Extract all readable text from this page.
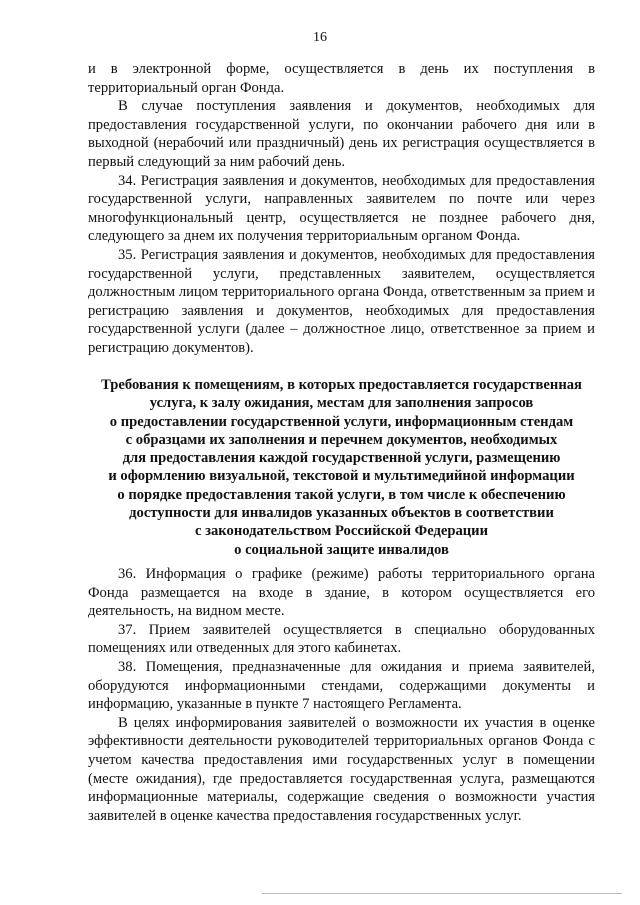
16

и в электронной форме, осуществляется в день их поступления в территориальный орган Фонда.

В случае поступления заявления и документов, необходимых для предоставления государственной услуги, по окончании рабочего дня или в выходной (нерабочий или праздничный) день их регистрация осуществляется в первый следующий за ним рабочий день.

34. Регистрация заявления и документов, необходимых для предоставления государственной услуги, направленных заявителем по почте или через многофункциональный центр, осуществляется не позднее рабочего дня, следующего за днем их получения территориальным органом Фонда.

35. Регистрация заявления и документов, необходимых для предоставления государственной услуги, представленных заявителем, осуществляется должностным лицом территориального органа Фонда, ответственным за прием и регистрацию заявления и документов, необходимых для предоставления государственной услуги (далее – должностное лицо, ответственное за прием и регистрацию документов).

Требования к помещениям, в которых предоставляется государственная
услуга, к залу ожидания, местам для заполнения запросов
о предоставлении государственной услуги, информационным стендам
с образцами их заполнения и перечнем документов, необходимых
для предоставления каждой государственной услуги, размещению
и оформлению визуальной, текстовой и мультимедийной информации
о порядке предоставления такой услуги, в том числе к обеспечению
доступности для инвалидов указанных объектов в соответствии
с законодательством Российской Федерации
о социальной защите инвалидов

36. Информация о графике (режиме) работы территориального органа Фонда размещается на входе в здание, в котором осуществляется его деятельность, на видном месте.

37. Прием заявителей осуществляется в специально оборудованных помещениях или отведенных для этого кабинетах.

38. Помещения, предназначенные для ожидания и приема заявителей, оборудуются информационными стендами, содержащими документы и информацию, указанные в пункте 7 настоящего Регламента.

В целях информирования заявителей о возможности их участия в оценке эффективности деятельности руководителей территориальных органов Фонда с учетом качества предоставления ими государственных услуг в помещении (месте ожидания), где предоставляется государственная услуга, размещаются информационные материалы, содержащие сведения о возможности участия заявителей в оценке качества предоставления государственных услуг.
